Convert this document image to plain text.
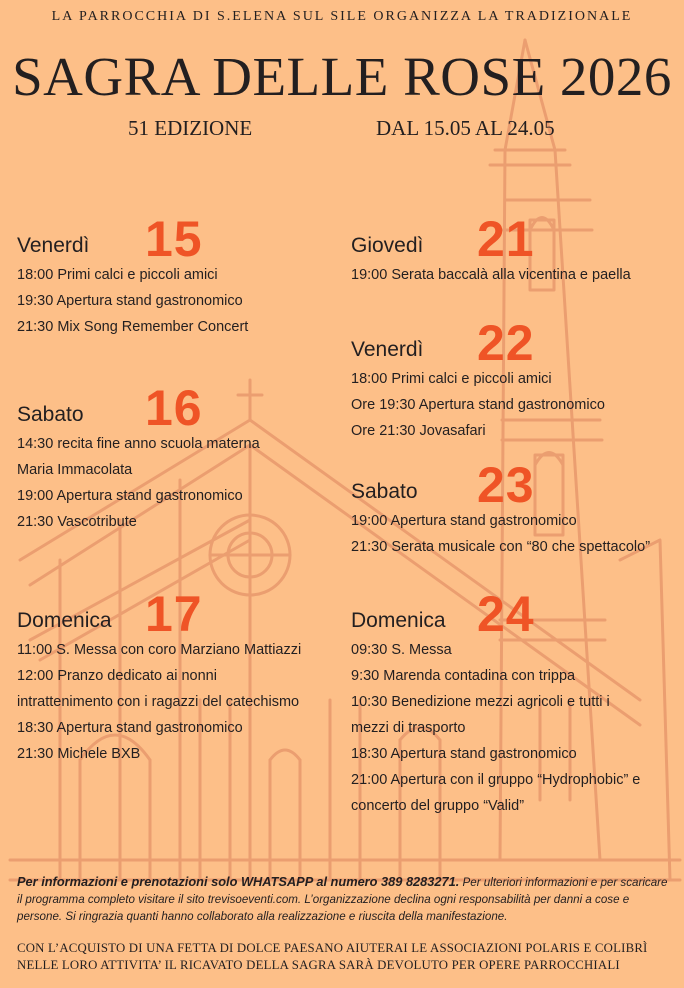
LA PARROCCHIA DI S.ELENA SUL SILE ORGANIZZA LA TRADIZIONALE
SAGRA DELLE ROSE 2026
51 EDIZIONE	DAL 15.05 AL 24.05
Venerdì 15
18:00 Primi calci e piccoli amici
19:30 Apertura stand gastronomico
21:30 Mix Song Remember Concert
Sabato 16
14:30 recita fine anno scuola materna
Maria Immacolata
19:00 Apertura stand gastronomico
21:30 Vascotribute
Domenica 17
11:00 S. Messa con coro Marziano Mattiazzi
12:00 Pranzo dedicato ai nonni
intrattenimento con i ragazzi del catechismo
18:30 Apertura stand gastronomico
21:30 Michele BXB
Giovedì 21
19:00 Serata baccalà alla vicentina e paella
Venerdì 22
18:00 Primi calci e piccoli amici
Ore 19:30 Apertura stand gastronomico
Ore 21:30 Jovasafari
Sabato 23
19:00 Apertura stand gastronomico
21:30 Serata musicale con “80 che spettacolo”
Domenica 24
09:30 S. Messa
9:30 Marenda contadina con trippa
10:30 Benedizione mezzi agricoli e tutti i
mezzi di trasporto
18:30 Apertura stand gastronomico
21:00 Apertura con il gruppo “Hydrophobic” e
concerto del gruppo “Valid”
Per informazioni e prenotazioni solo WHATSAPP al numero 389 8283271. Per ulteriori informazioni e per scaricare il programma completo visitare il sito trevisoeventi.com. L’organizzazione declina ogni responsabilità per danni a cose e persone. Si ringrazia quanti hanno collaborato alla realizzazione e riuscita della manifestazione.
CON L’ACQUISTO DI UNA FETTA DI DOLCE PAESANO AIUTERAI LE ASSOCIAZIONI POLARIS E COLIBRÌ
NELLE LORO ATTIVITA’ IL RICAVATO DELLA SAGRA SARÀ DEVOLUTO PER OPERE PARROCCHIALI
